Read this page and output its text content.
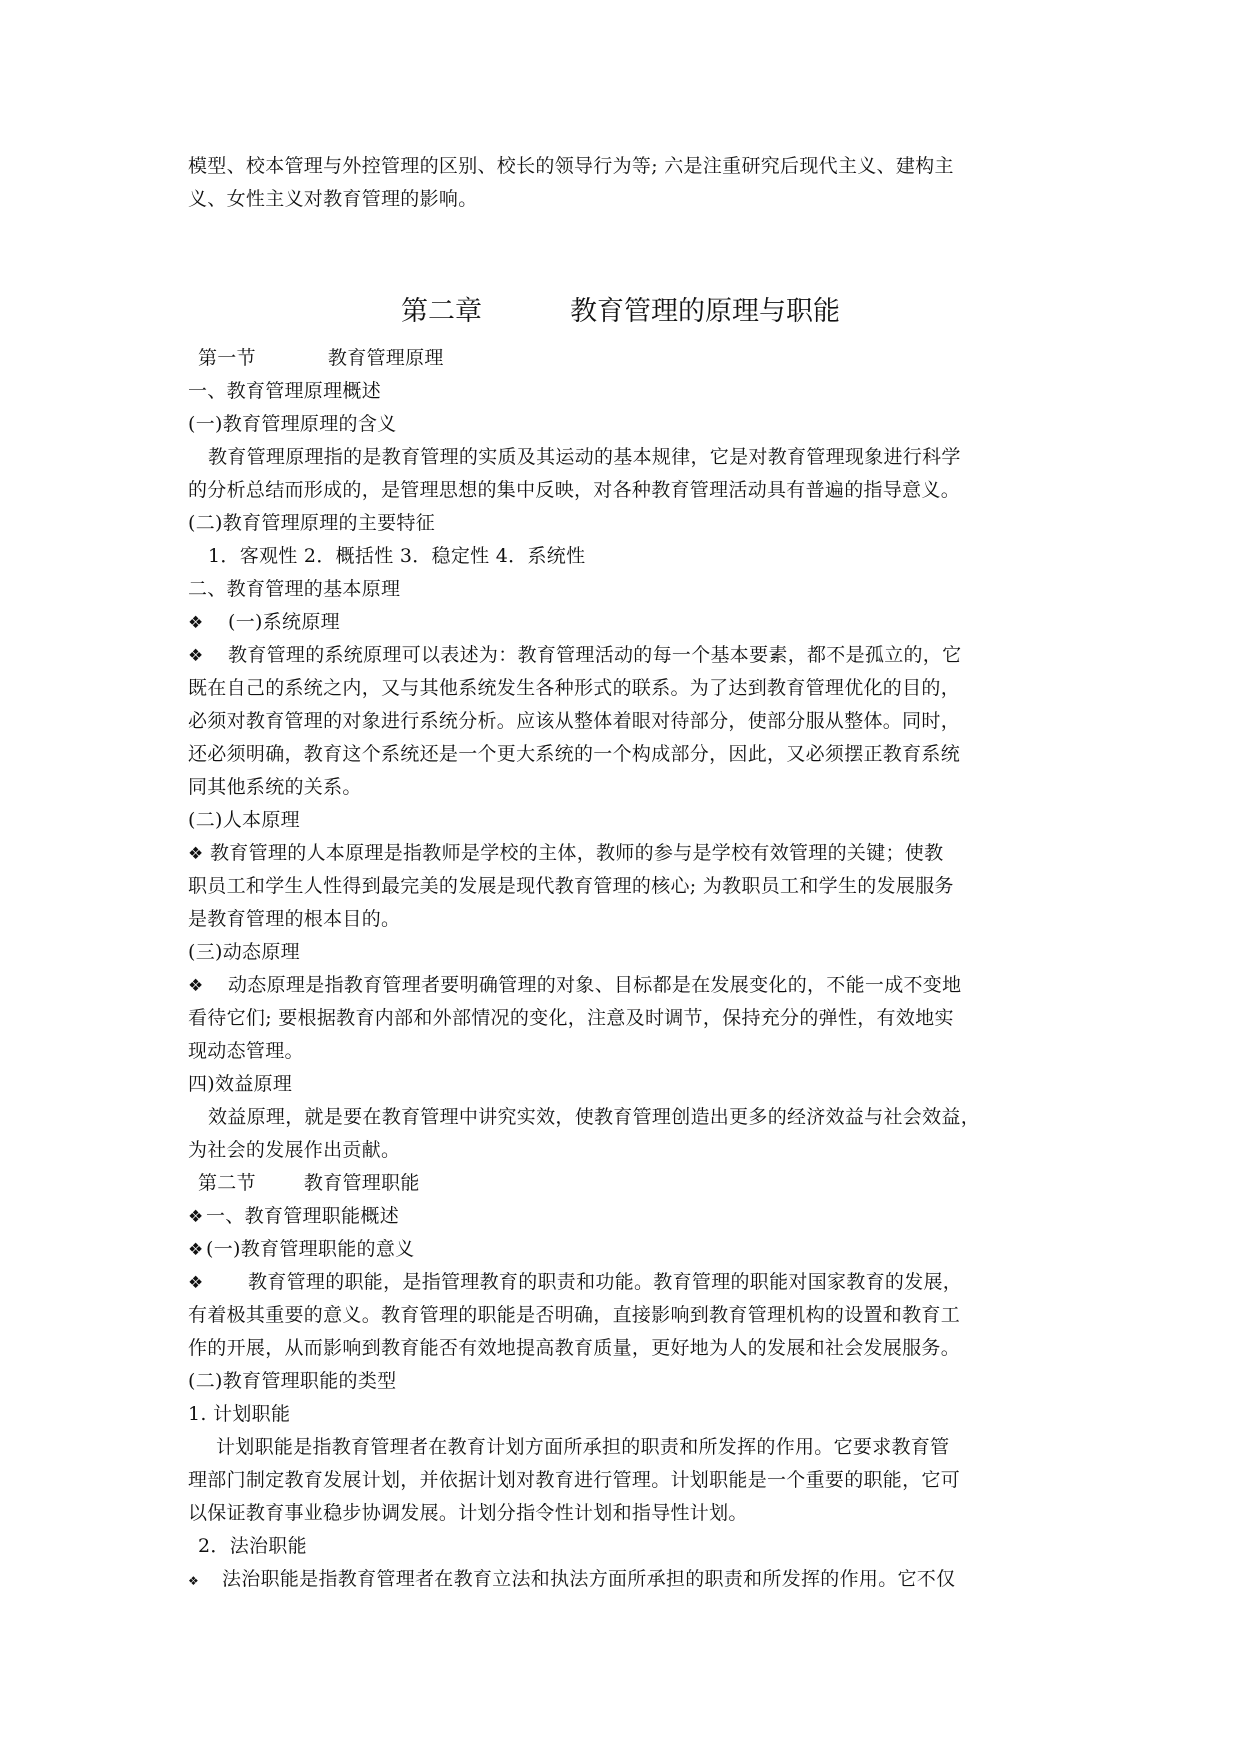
模型、校本管理与外控管理的区别、校长的领导行为等; 六是注重研究后现代主义、建构主
义、女性主义对教育管理的影响。
第二章	教育管理的原理与职能
第一节	教育管理原理
一、教育管理原理概述
(一)教育管理原理的含义
教育管理原理指的是教育管理的实质及其运动的基本规律，它是对教育管理现象进行科学
的分析总结而形成的，是管理思想的集中反映，对各种教育管理活动具有普遍的指导意义。
(二)教育管理原理的主要特征
1．客观性 2．概括性 3．稳定性 4．系统性
二、教育管理的基本原理
❖ (一)系统原理
❖ 教育管理的系统原理可以表述为：教育管理活动的每一个基本要素，都不是孤立的，它
既在自己的系统之内，又与其他系统发生各种形式的联系。为了达到教育管理优化的目的，
必须对教育管理的对象进行系统分析。应该从整体着眼对待部分，使部分服从整体。同时，
还必须明确，教育这个系统还是一个更大系统的一个构成部分，因此，又必须摆正教育系统
同其他系统的关系。
(二)人本原理
❖ 教育管理的人本原理是指教师是学校的主体，教师的参与是学校有效管理的关键；使教
职员工和学生人性得到最完美的发展是现代教育管理的核心; 为教职员工和学生的发展服务
是教育管理的根本目的。
(三)动态原理
❖ 动态原理是指教育管理者要明确管理的对象、目标都是在发展变化的，不能一成不变地
看待它们; 要根据教育内部和外部情况的变化，注意及时调节，保持充分的弹性，有效地实
现动态管理。
四)效益原理
效益原理，就是要在教育管理中讲究实效，使教育管理创造出更多的经济效益与社会效益，
为社会的发展作出贡献。
第二节	教育管理职能
❖ 一、教育管理职能概述
❖ (一)教育管理职能的意义
❖ 教育管理的职能，是指管理教育的职责和功能。教育管理的职能对国家教育的发展，
有着极其重要的意义。教育管理的职能是否明确，直接影响到教育管理机构的设置和教育工
作的开展，从而影响到教育能否有效地提高教育质量，更好地为人的发展和社会发展服务。
(二)教育管理职能的类型
1. 计划职能
计划职能是指教育管理者在教育计划方面所承担的职责和所发挥的作用。它要求教育管
理部门制定教育发展计划，并依据计划对教育进行管理。计划职能是一个重要的职能，它可
以保证教育事业稳步协调发展。计划分指令性计划和指导性计划。
2．法治职能
❖ 法治职能是指教育管理者在教育立法和执法方面所承担的职责和所发挥的作用。它不仅
